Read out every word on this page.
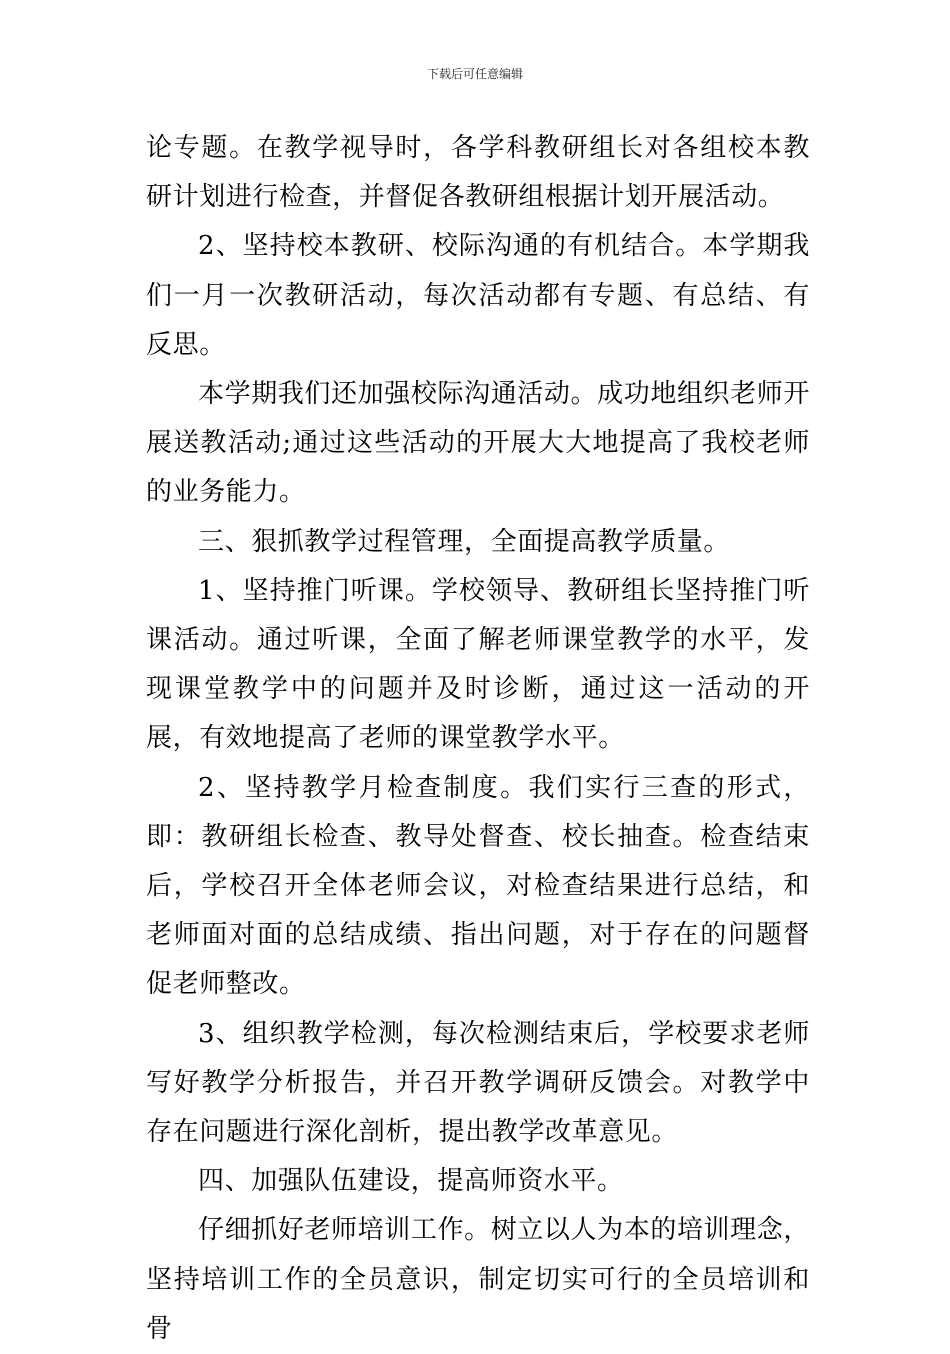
下载后可任意编辑

论专题。在教学视导时，各学科教研组长对各组校本教研计划进行检查，并督促各教研组根据计划开展活动。

2、坚持校本教研、校际沟通的有机结合。本学期我们一月一次教研活动，每次活动都有专题、有总结、有反思。

本学期我们还加强校际沟通活动。成功地组织老师开展送教活动;通过这些活动的开展大大地提高了我校老师的业务能力。

三、狠抓教学过程管理，全面提高教学质量。

1、坚持推门听课。学校领导、教研组长坚持推门听课活动。通过听课，全面了解老师课堂教学的水平，发现课堂教学中的问题并及时诊断，通过这一活动的开展，有效地提高了老师的课堂教学水平。

2、坚持教学月检查制度。我们实行三查的形式，即：教研组长检查、教导处督查、校长抽查。检查结束后，学校召开全体老师会议，对检查结果进行总结，和老师面对面的总结成绩、指出问题，对于存在的问题督促老师整改。

3、组织教学检测，每次检测结束后，学校要求老师写好教学分析报告，并召开教学调研反馈会。对教学中存在问题进行深化剖析，提出教学改革意见。

四、加强队伍建设，提高师资水平。

仔细抓好老师培训工作。树立以人为本的培训理念，坚持培训工作的全员意识，制定切实可行的全员培训和骨
